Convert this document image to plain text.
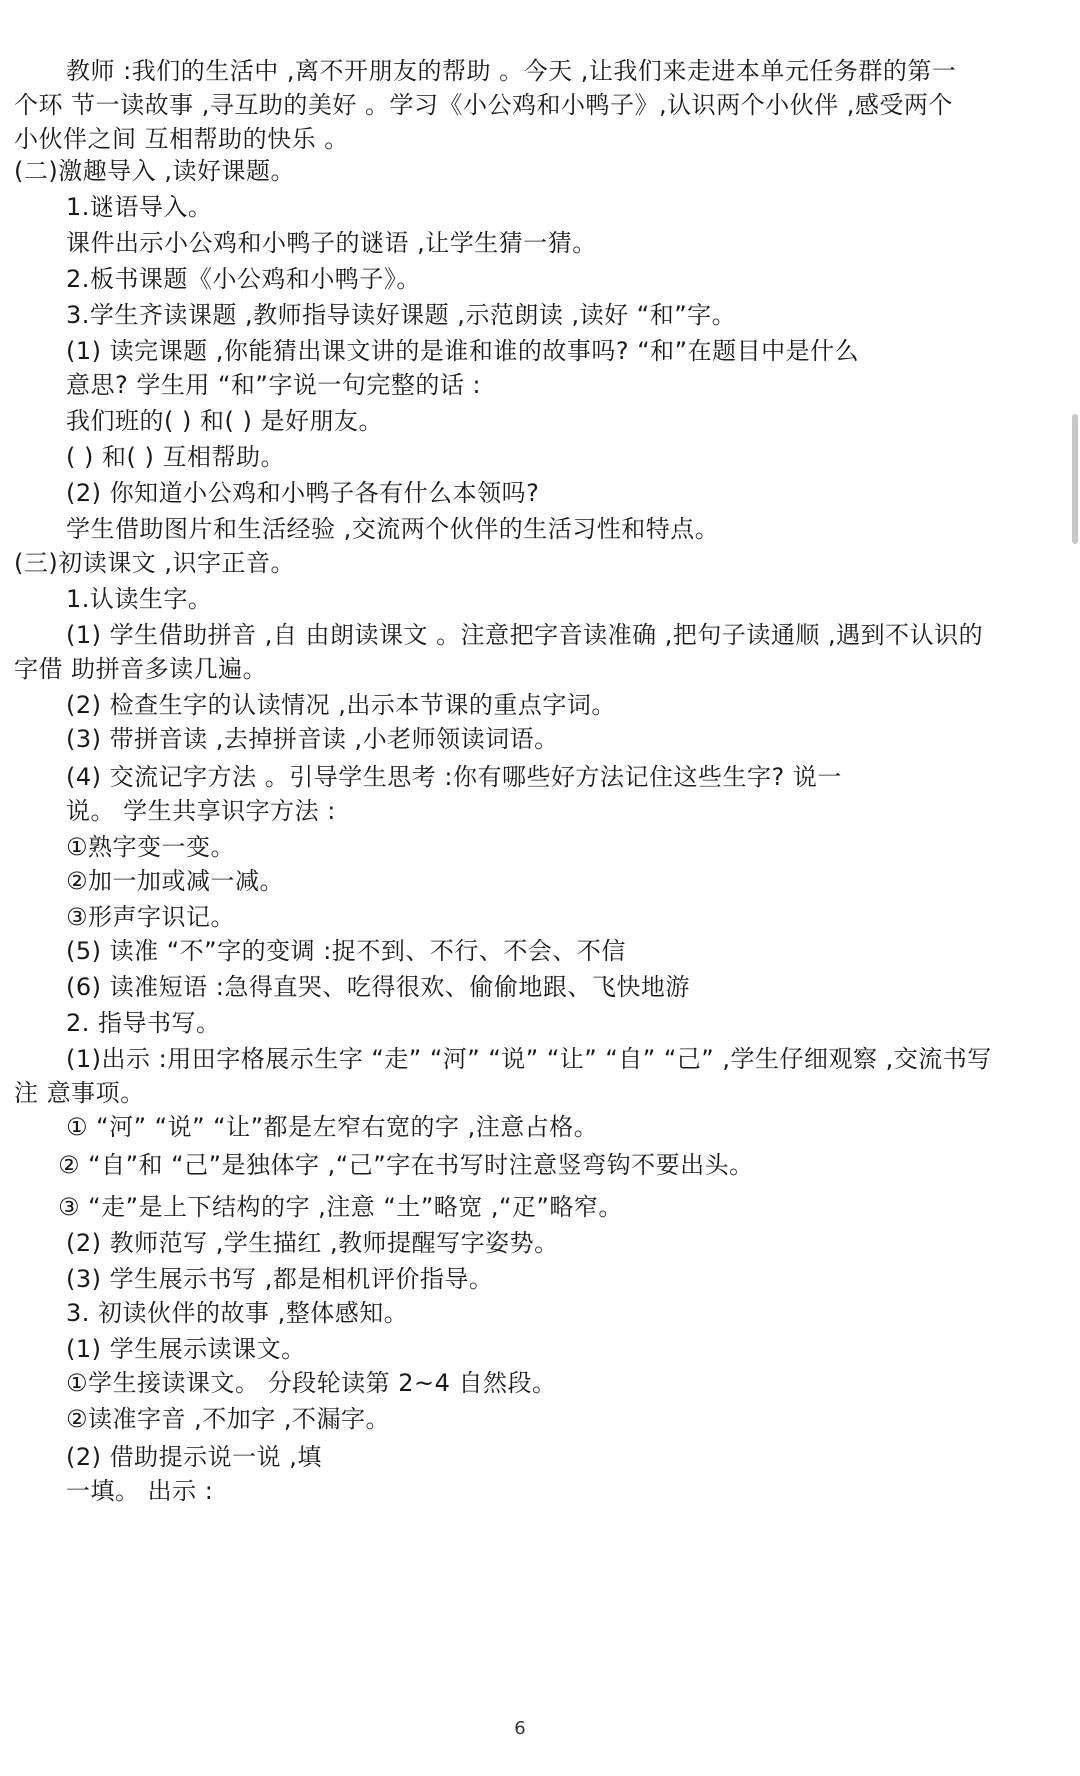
教师 :我们的生活中 ,离不开朋友的帮助 。今天 ,让我们来走进本单元任务群的第一
个环 节一读故事 ,寻互助的美好 。学习《小公鸡和小鸭子》,认识两个小伙伴 ,感受两个
小伙伴之间 互相帮助的快乐 。
(二)激趣导入 ,读好课题。
1.谜语导入。
课件出示小公鸡和小鸭子的谜语 ,让学生猜一猜。
2.板书课题《小公鸡和小鸭子》。
3.学生齐读课题 ,教师指导读好课题 ,示范朗读 ,读好 “和”字。
(1) 读完课题 ,你能猜出课文讲的是谁和谁的故事吗? “和”在题目中是什么
意思? 学生用 “和”字说一句完整的话 :
我们班的( ) 和( ) 是好朋友。
( ) 和( ) 互相帮助。
(2) 你知道小公鸡和小鸭子各有什么本领吗?
学生借助图片和生活经验 ,交流两个伙伴的生活习性和特点。
(三)初读课文 ,识字正音。
1.认读生字。
(1) 学生借助拼音 ,自 由朗读课文 。注意把字音读准确 ,把句子读通顺 ,遇到不认识的
字借 助拼音多读几遍。
(2) 检查生字的认读情况 ,出示本节课的重点字词。
(3) 带拼音读 ,去掉拼音读 ,小老师领读词语。
(4) 交流记字方法 。引导学生思考 :你有哪些好方法记住这些生字? 说一
说。 学生共享识字方法 :
①熟字变一变。
②加一加或减一减。
③形声字识记。
(5) 读准 “不”字的变调 :捉不到、不行、不会、不信
(6) 读准短语 :急得直哭、吃得很欢、偷偷地跟、飞快地游
2. 指导书写。
(1)出示 :用田字格展示生字 “走” “河” “说” “让” “自” “己” ,学生仔细观察 ,交流书写
注 意事项。
① “河” “说” “让”都是左窄右宽的字 ,注意占格。
② “自”和 “己”是独体字 ,“己”字在书写时注意竖弯钩不要出头。
③ “走”是上下结构的字 ,注意 “土”略宽 ,“疋”略窄。
(2) 教师范写 ,学生描红 ,教师提醒写字姿势。
(3) 学生展示书写 ,都是相机评价指导。
3. 初读伙伴的故事 ,整体感知。
(1) 学生展示读课文。
①学生接读课文。 分段轮读第 2~4 自然段。
②读准字音 ,不加字 ,不漏字。
(2) 借助提示说一说 ,填
一填。 出示 :
6
